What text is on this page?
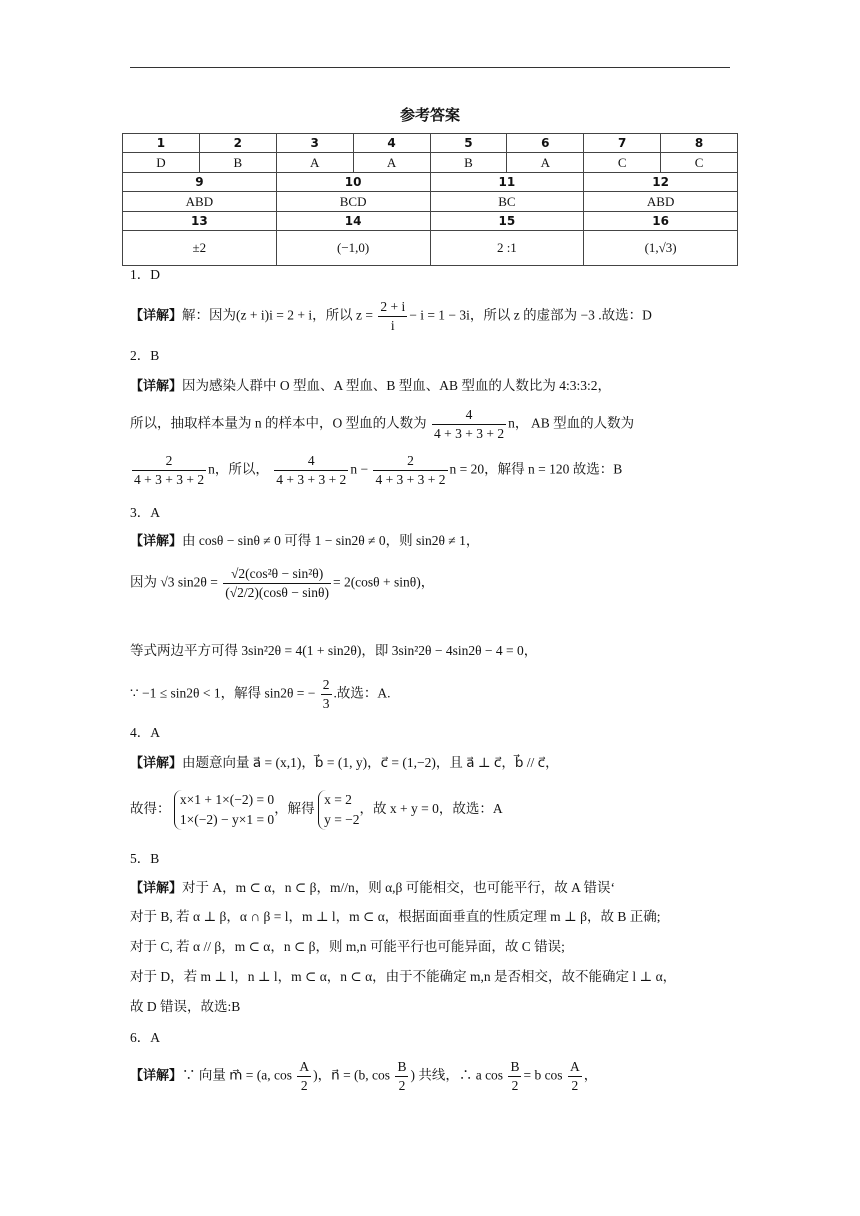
参考答案
1	2	3	4	5	6	7	8
D	B	A	A	B	A	C	C
9		10		11		12	
ABD		BCD		BC		ABD	
13		14		15		16	
±2		(−1,0)		2 :1		(1,√3)	
1．D
【详解】解：因为(z + i)i = 2 + i，所以 $z = \frac{2 + i}{i} - i = 1 - 3i$，所以 z 的虚部为 −3 .故选：D
2．B
【详解】因为感染人群中 O 型血、A 型血、B 型血、AB 型血的人数比为 4:3:3:2，
所以，抽取样本量为 n 的样本中，O 型血的人数为 $\frac{4}{4 + 3 + 3 + 2}$ n， AB 型血的人数为
$\frac{2}{4 + 3 + 3 + 2}$ n，所以， $\frac{4}{4 + 3 + 3 + 2}$ $n - \frac{2}{4 + 3 + 3 + 2}$ n = 20，解得 n = 120 故选：B
3．A
【详解】由 cosθ − sinθ ≠ 0 可得 1 − sin2θ ≠ 0，则 sin2θ ≠ 1，
因为 √3 $\sin 2\theta = \frac{\text{√2(cos²θ − sin²θ)}}{(√2/2)(\cos\theta - \sin\theta)} = 2(\cos\theta + \sin\theta)$，
等式两边平方可得 3sin²2θ = 4(1 + sin2θ)，即 3sin²2θ − 4sin2θ − 4 = 0，
∵ −1 ≤ sin2θ < 1，解得 sin2θ = − $\frac{2}{3}$ .故选：A.
4．A
【详解】由题意向量 a⃗ = (x,1)，b⃗ = (1, y)，c⃗ = (1,−2)，且 a⃗ ⊥ c⃗，b⃗ // c⃗，
故得：
x×1 + 1×(−2) = 0
1×(−2) − y×1 = 0
，解得
x = 2
y = −2
，故 x + y = 0，故选：A
5．B
【详解】对于 A，m ⊂ α，n ⊂ β，m//n，则 α,β 可能相交，也可能平行，故 A 错误‘
对于 B, 若 α ⊥ β，α ∩ β = l，m ⊥ l，m ⊂ α，根据面面垂直的性质定理 m ⊥ β，故 B 正确;
对于 C, 若 α // β，m ⊂ α，n ⊂ β，则 m,n 可能平行也可能异面，故 C 错误;
对于 D，若 m ⊥ l，n ⊥ l，m ⊂ α，n ⊂ α，由于不能确定 m,n 是否相交，故不能确定 l ⊥ α，
故 D 错误，故选:B
6．A
【详解】∵ 向量 m⃗ = (a, $\cos \frac{A}{2}$ )，n⃗ = (b, $\cos \frac{B}{2}$ ) 共线，∴ a $\cos \frac{B}{2} = b$ $\cos \frac{A}{2}$ ，
